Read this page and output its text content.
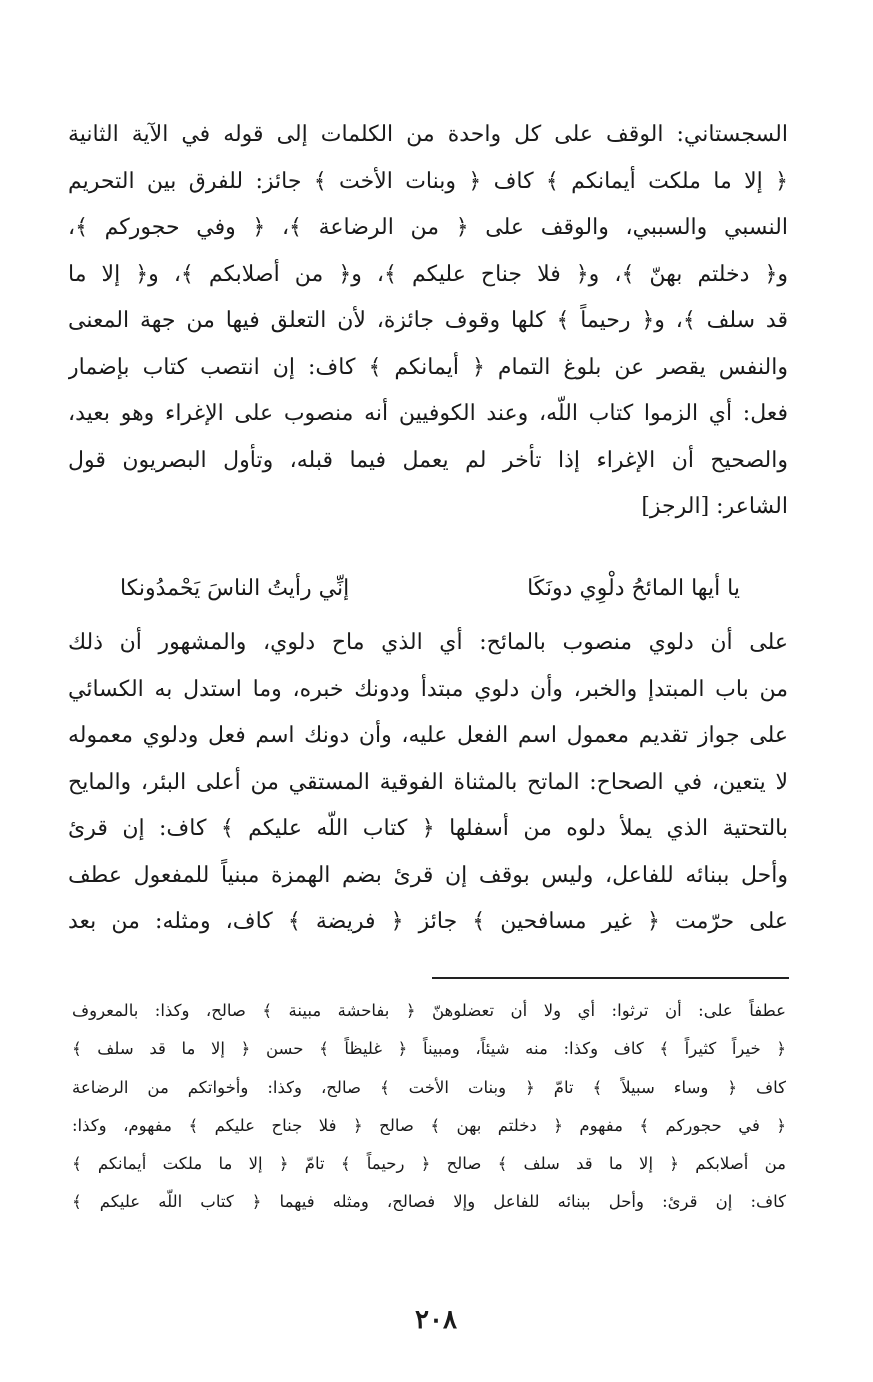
السجستاني: الوقف على كل واحدة من الكلمات إلى قوله في الآية الثانية
﴿ إلا ما ملكت أيمانكم ﴾ كاف ﴿ وبنات الأخت ﴾ جائز: للفرق بين التحريم
النسبي والسببي، والوقف على ﴿ من الرضاعة ﴾، ﴿ وفي حجوركم ﴾،
و﴿ دخلتم بهنّ ﴾، و﴿ فلا جناح عليكم ﴾، و﴿ من أصلابكم ﴾، و﴿ إلا ما
قد سلف ﴾، و﴿ رحيماً ﴾ كلها وقوف جائزة، لأن التعلق فيها من جهة المعنى
والنفس يقصر عن بلوغ التمام ﴿ أيمانكم ﴾ كاف: إن انتصب كتاب بإضمار
فعل: أي الزموا كتاب اللّه، وعند الكوفيين أنه منصوب على الإغراء وهو بعيد،
والصحيح أن الإغراء إذا تأخر لم يعمل فيما قبله، وتأول البصريون قول
الشاعر: [الرجز]
يا أيها المائحُ دلْوِي دونَكَا
إنِّي رأيتُ الناسَ يَحْمدُونكا
على أن دلوي منصوب بالمائح: أي الذي ماح دلوي، والمشهور أن ذلك
من باب المبتدإ والخبر، وأن دلوي مبتدأ ودونك خبره، وما استدل به الكسائي
على جواز تقديم معمول اسم الفعل عليه، وأن دونك اسم فعل ودلوي معموله
لا يتعين، في الصحاح: الماتح بالمثناة الفوقية المستقي من أعلى البئر، والمايح
بالتحتية الذي يملأ دلوه من أسفلها ﴿ كتاب اللّه عليكم ﴾ كاف: إن قرئ
وأحل ببنائه للفاعل، وليس بوقف إن قرئ بضم الهمزة مبنياً للمفعول عطف
على حرّمت ﴿ غير مسافحين ﴾ جائز ﴿ فريضة ﴾ كاف، ومثله: من بعد
عطفاً على: أن ترثوا: أي ولا أن تعضلوهنّ ﴿ بفاحشة مبينة ﴾ صالح، وكذا: بالمعروف
﴿ خيراً كثيراً ﴾ كاف وكذا: منه شيئاً، ومبيناً ﴿ غليظاً ﴾ حسن ﴿ إلا ما قد سلف ﴾
كاف ﴿ وساء سبيلاً ﴾ تامّ ﴿ وبنات الأخت ﴾ صالح، وكذا: وأخواتكم من الرضاعة
﴿ في حجوركم ﴾ مفهوم ﴿ دخلتم بهن ﴾ صالح ﴿ فلا جناح عليكم ﴾ مفهوم، وكذا:
من أصلابكم ﴿ إلا ما قد سلف ﴾ صالح ﴿ رحيماً ﴾ تامّ ﴿ إلا ما ملكت أيمانكم ﴾
كاف: إن قرئ: وأحل ببنائه للفاعل وإلا فصالح، ومثله فيهما ﴿ كتاب اللّه عليكم ﴾
٢٠٨
